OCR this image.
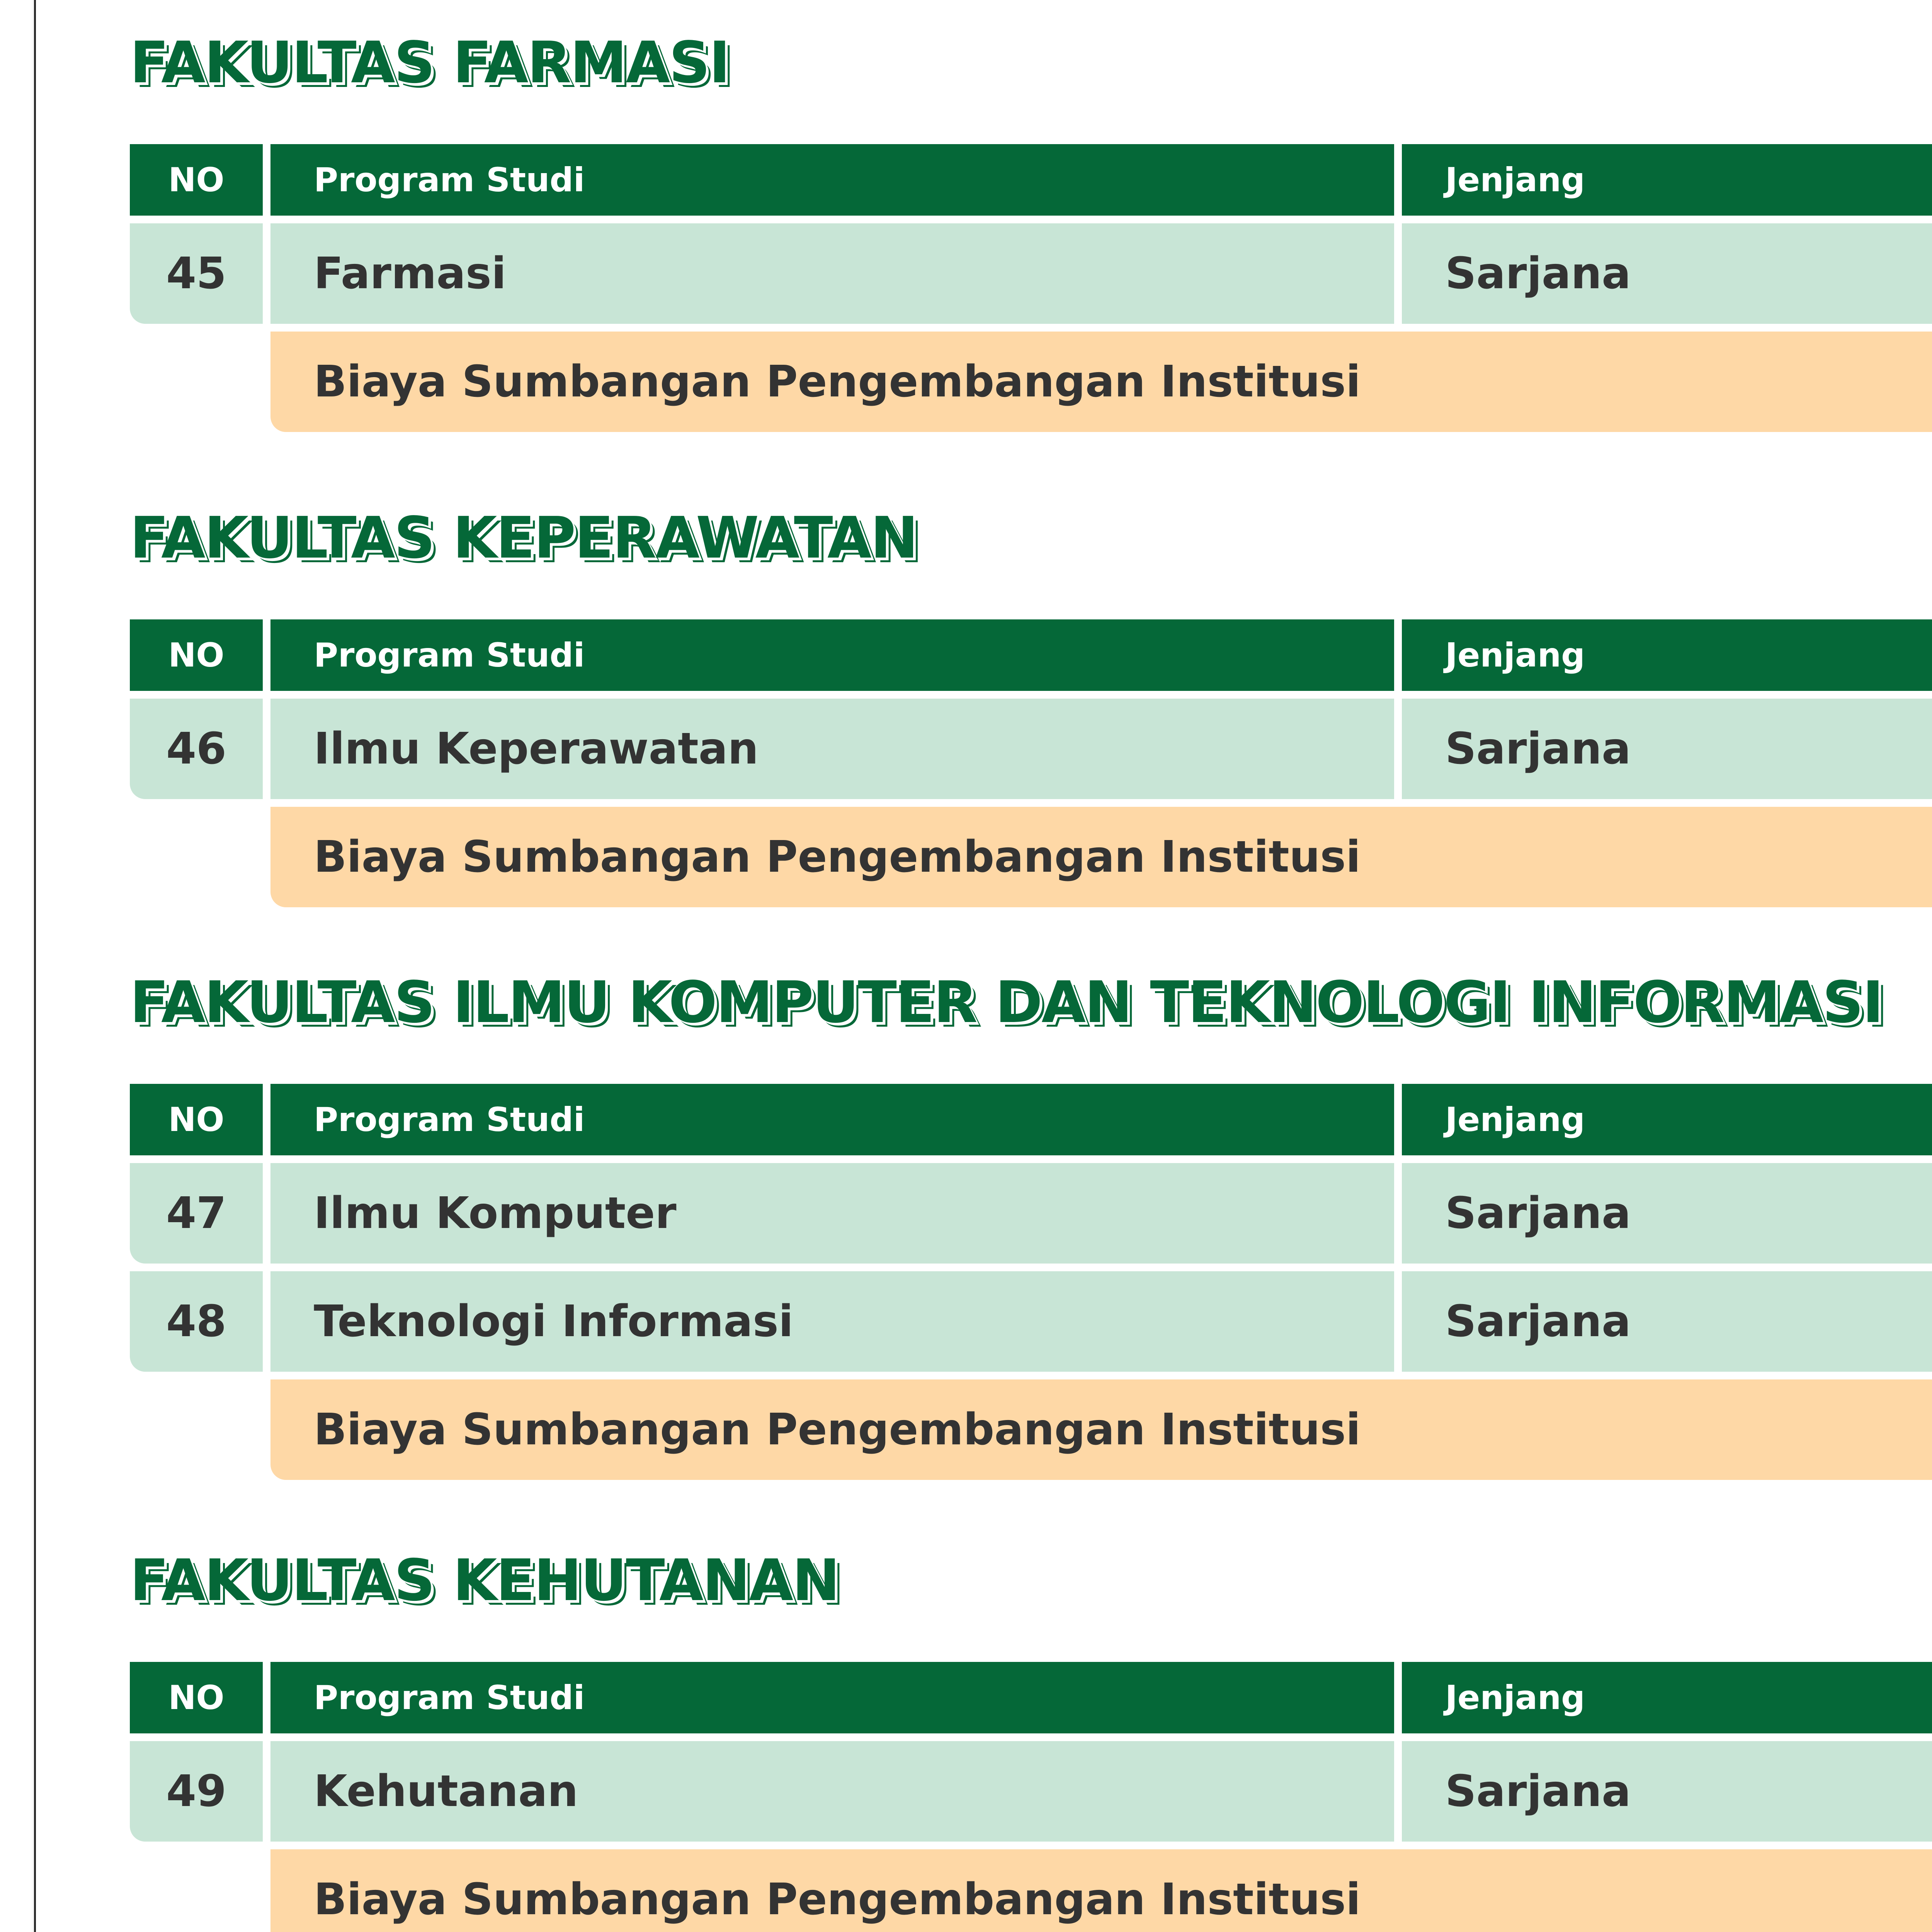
FAKULTAS FARMASI
NO	Program Studi	Jenjang
45	Farmasi	Sarjana
Biaya Sumbangan Pengembangan Institusi
FAKULTAS KEPERAWATAN
NO	Program Studi	Jenjang
46	Ilmu Keperawatan	Sarjana
Biaya Sumbangan Pengembangan Institusi
FAKULTAS ILMU KOMPUTER DAN TEKNOLOGI INFORMASI
NO	Program Studi	Jenjang
47	Ilmu Komputer	Sarjana
48	Teknologi Informasi	Sarjana
Biaya Sumbangan Pengembangan Institusi
FAKULTAS KEHUTANAN
NO	Program Studi	Jenjang
49	Kehutanan	Sarjana
Biaya Sumbangan Pengembangan Institusi
